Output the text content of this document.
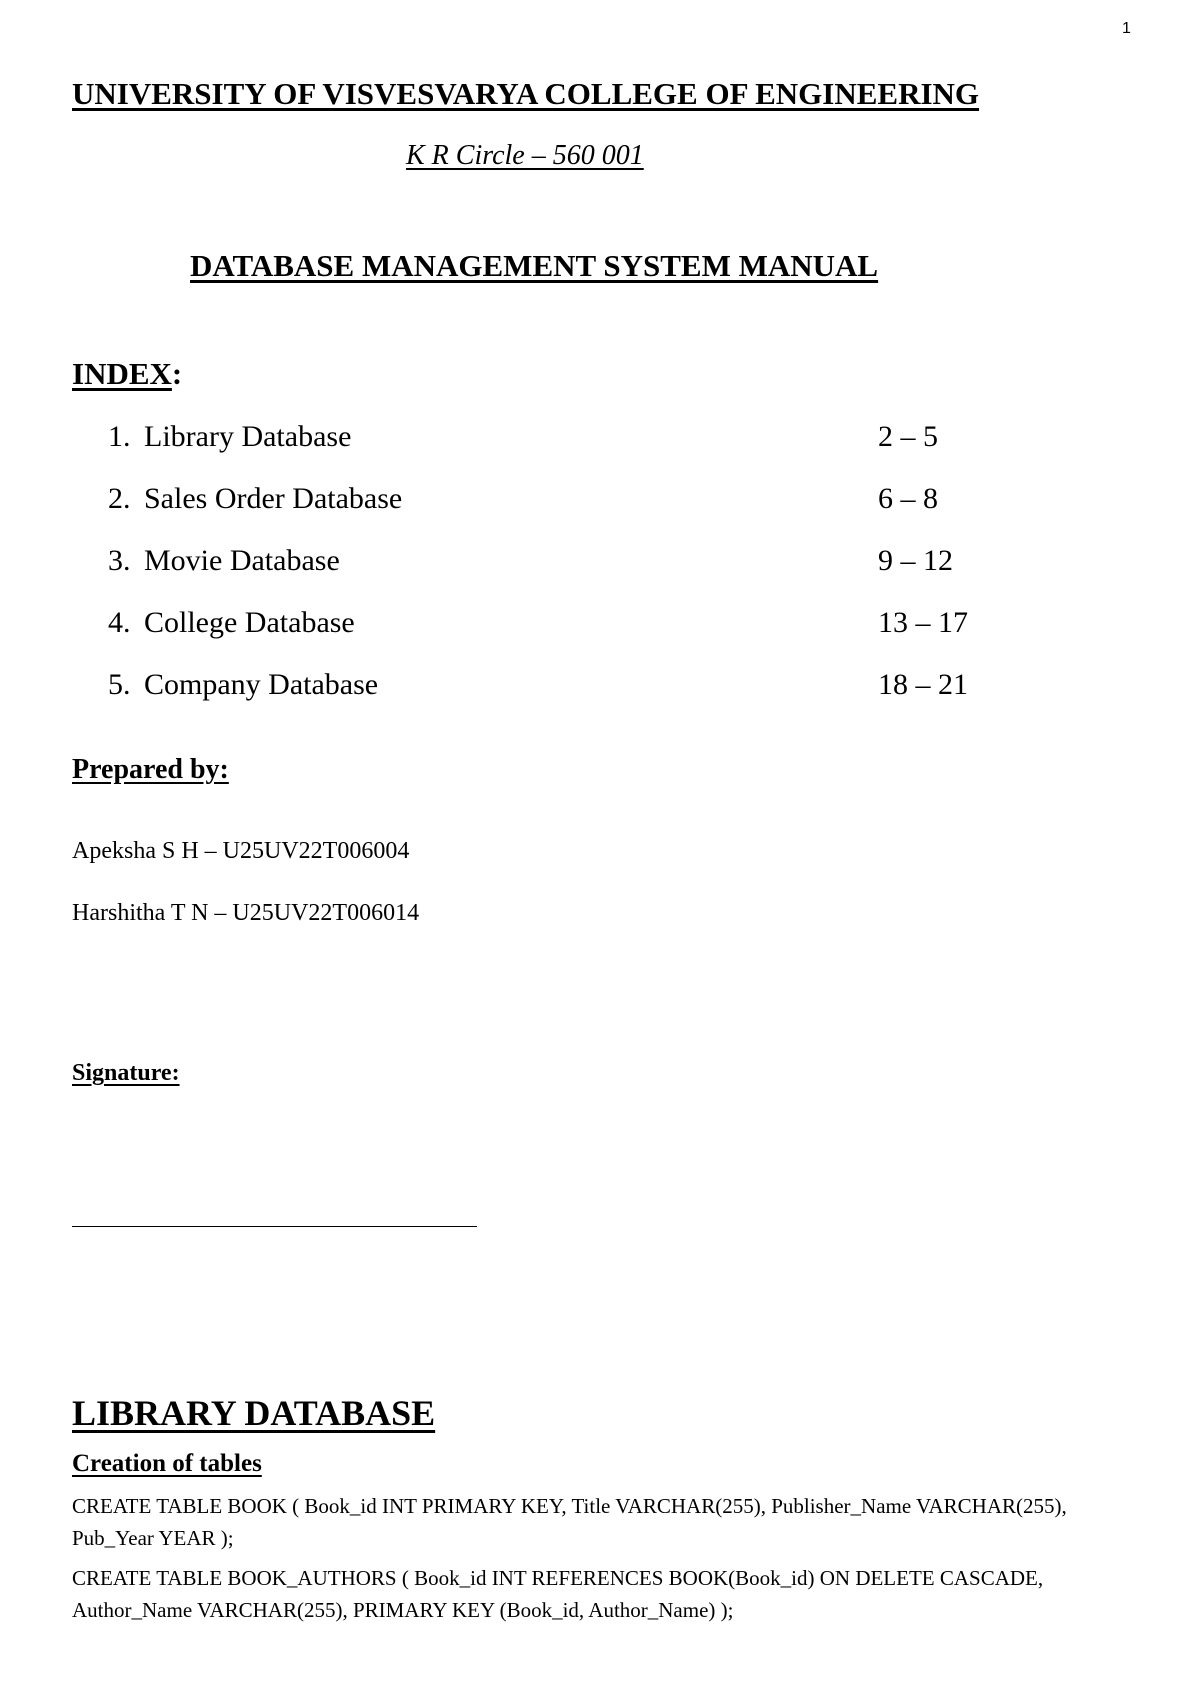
1
UNIVERSITY OF VISVESVARYA COLLEGE OF ENGINEERING
K R Circle – 560 001
DATABASE MANAGEMENT SYSTEM MANUAL
INDEX:
1. Library Database	2 – 5
2. Sales Order Database	6 – 8
3. Movie Database	9 – 12
4. College Database	13 – 17
5. Company Database	18 – 21
Prepared by:
Apeksha S H – U25UV22T006004
Harshitha T N – U25UV22T006014
Signature:
LIBRARY DATABASE
Creation of tables
CREATE TABLE BOOK ( Book_id INT PRIMARY KEY, Title VARCHAR(255), Publisher_Name VARCHAR(255), Pub_Year YEAR );
CREATE TABLE BOOK_AUTHORS ( Book_id INT REFERENCES BOOK(Book_id) ON DELETE CASCADE, Author_Name VARCHAR(255), PRIMARY KEY (Book_id, Author_Name) );
